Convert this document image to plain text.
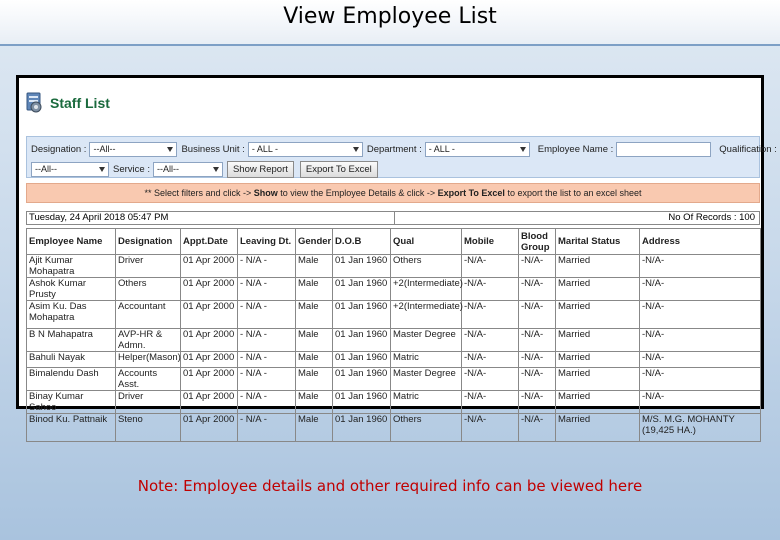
View Employee List
Staff List
Designation : --All--	Business Unit : - ALL -	Department : - ALL -	Employee Name :	Qualification :
--All--	Service : --All--	Show Report	Export To Excel
** Select filters and click -> Show to view the Employee Details & click -> Export To Excel to export the list to an excel sheet
Tuesday, 24 April 2018 05:47 PM	No Of Records : 100
Employee Name	Designation	Appt.Date	Leaving Dt.	Gender	D.O.B	Qual	Mobile	Blood Group	Marital Status	Address
Ajit Kumar Mohapatra	Driver	01 Apr 2000	- N/A -	Male	01 Jan 1960	Others	-N/A-	-N/A-	Married	-N/A-
Ashok Kumar Prusty	Others	01 Apr 2000	- N/A -	Male	01 Jan 1960	+2(Intermediate)	-N/A-	-N/A-	Married	-N/A-
Asim Ku. Das Mohapatra	Accountant	01 Apr 2000	- N/A -	Male	01 Jan 1960	+2(Intermediate)	-N/A-	-N/A-	Married	-N/A-
B N Mahapatra	AVP-HR & Admn.	01 Apr 2000	- N/A -	Male	01 Jan 1960	Master Degree	-N/A-	-N/A-	Married	-N/A-
Bahuli Nayak	Helper(Mason)	01 Apr 2000	- N/A -	Male	01 Jan 1960	Matric	-N/A-	-N/A-	Married	-N/A-
Bimalendu Dash	Accounts Asst.	01 Apr 2000	- N/A -	Male	01 Jan 1960	Master Degree	-N/A-	-N/A-	Married	-N/A-
Binay Kumar Sahoo	Driver	01 Apr 2000	- N/A -	Male	01 Jan 1960	Matric	-N/A-	-N/A-	Married	-N/A-
Binod Ku. Pattnaik	Steno	01 Apr 2000	- N/A -	Male	01 Jan 1960	Others	-N/A-	-N/A-	Married	M/S. M.G. MOHANTY (19,425 HA.)
Note: Employee details and other required info can be viewed here
